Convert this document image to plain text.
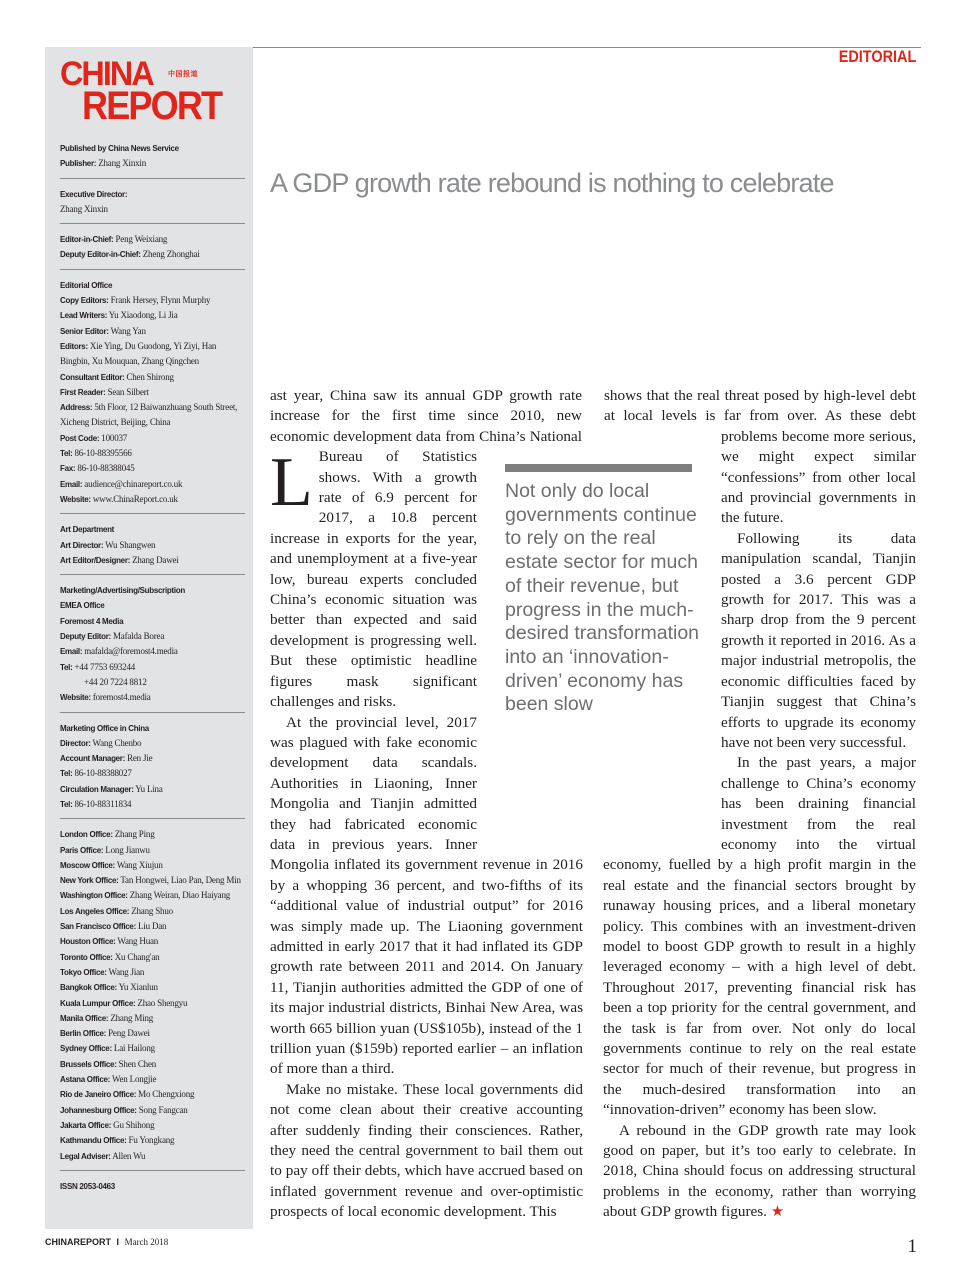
CHINA 中国报道
REPORT
Published by China News Service
Publisher: Zhang Xinxin
Executive Director:
Zhang Xinxin
Editor-in-Chief: Peng Weixiang
Deputy Editor-in-Chief: Zheng Zhonghai
Editorial Office
Copy Editors: Frank Hersey, Flynn Murphy
Lead Writers: Yu Xiaodong, Li Jia
Senior Editor: Wang Yan
Editors: Xie Ying, Du Guodong, Yi Ziyi, Han Bingbin, Xu Mouquan, Zhang Qingchen
Consultant Editor: Chen Shirong
First Reader: Sean Silbert
Address: 5th Floor, 12 Baiwanzhuang South Street, Xicheng District, Beijing, China
Post Code: 100037
Tel: 86-10-88395566
Fax: 86-10-88388045
Email: audience@chinareport.co.uk
Website: www.ChinaReport.co.uk
Art Department
Art Director: Wu Shangwen
Art Editor/Designer: Zhang Dawei
Marketing/Advertising/Subscription
EMEA Office
Foremost 4 Media
Deputy Editor: Mafalda Borea
Email: mafalda@foremost4.media
Tel: +44 7753 693244
+44 20 7224 8812
Website: foremost4.media
Marketing Office in China
Director: Wang Chenbo
Account Manager: Ren Jie
Tel: 86-10-88388027
Circulation Manager: Yu Lina
Tel: 86-10-88311834
London Office: Zhang Ping
Paris Office: Long Jianwu
Moscow Office: Wang Xiujun
New York Office: Tan Hongwei, Liao Pan, Deng Min
Washington Office: Zhang Weiran, Diao Haiyang
Los Angeles Office: Zhang Shuo
San Francisco Office: Liu Dan
Houston Office: Wang Huan
Toronto Office: Xu Chang'an
Tokyo Office: Wang Jian
Bangkok Office: Yu Xianlun
Kuala Lumpur Office: Zhao Shengyu
Manila Office: Zhang Ming
Berlin Office: Peng Dawei
Sydney Office: Lai Hailong
Brussels Office: Shen Chen
Astana Office: Wen Longjie
Rio de Janeiro Office: Mo Chengxiong
Johannesburg Office: Song Fangcan
Jakarta Office: Gu Shihong
Kathmandu Office: Fu Yongkang
Legal Adviser: Allen Wu
ISSN 2053-0463
EDITORIAL
A GDP growth rate rebound is nothing to celebrate

L
ast year, China saw its annual GDP growth rate increase for the first time since 2010, new economic development data from China’s National Bureau of Statistics shows. With a growth rate of 6.9 percent for 2017, a 10.8 percent increase in exports for the year, and unemployment at a five-year low, bureau experts concluded China’s economic situation was better than expected and said development is progressing well. But these optimistic headline figures mask significant challenges and risks.

At the provincial level, 2017 was plagued with fake economic development data scandals. Authorities in Liaoning, Inner Mongolia and Tianjin admitted they had fabricated economic data in previous years. Inner Mongolia inflated its government revenue in 2016 by a whopping 36 percent, and two-fifths of its “additional value of industrial output” for 2016 was simply made up. The Liaoning government admitted in early 2017 that it had inflated its GDP growth rate between 2011 and 2014. On January 11, Tianjin authorities admitted the GDP of one of its major industrial districts, Binhai New Area, was worth 665 billion yuan (US$105b), instead of the 1 trillion yuan ($159b) reported earlier – an inflation of more than a third.

Make no mistake. These local governments did not come clean about their creative accounting after suddenly finding their consciences. Rather, they need the central government to bail them out to pay off their debts, which have accrued based on inflated government revenue and over-optimistic prospects of local economic development. This

shows that the real threat posed by high-level debt at local levels is far from over. As these debt problems become more serious, we might expect similar “confessions” from other local and provincial governments in the future.

Following its data manipulation scandal, Tianjin posted a 3.6 percent GDP growth for 2017. This was a sharp drop from the 9 percent growth it reported in 2016. As a major industrial metropolis, the economic difficulties faced by Tianjin suggest that China’s efforts to upgrade its economy have not been very successful.

In the past years, a major challenge to China’s economy has been draining financial investment from the real economy into the virtual economy, fuelled by a high profit margin in the real estate and the financial sectors brought by runaway housing prices, and a liberal monetary policy. This combines with an investment-driven model to boost GDP growth to result in a highly leveraged economy – with a high level of debt. Throughout 2017, preventing financial risk has been a top priority for the central government, and the task is far from over. Not only do local governments continue to rely on the real estate sector for much of their revenue, but progress in the much-desired transformation into an “innovation-driven” economy has been slow.

A rebound in the GDP growth rate may look good on paper, but it’s too early to celebrate. In 2018, China should focus on addressing structural problems in the economy, rather than worrying about GDP growth figures. ★

Not only do local governments continue to rely on the real estate sector for much of their revenue, but progress in the much-desired transformation into an ‘innovation-driven’ economy has been slow
CHINAREPORT I March 2018	1
